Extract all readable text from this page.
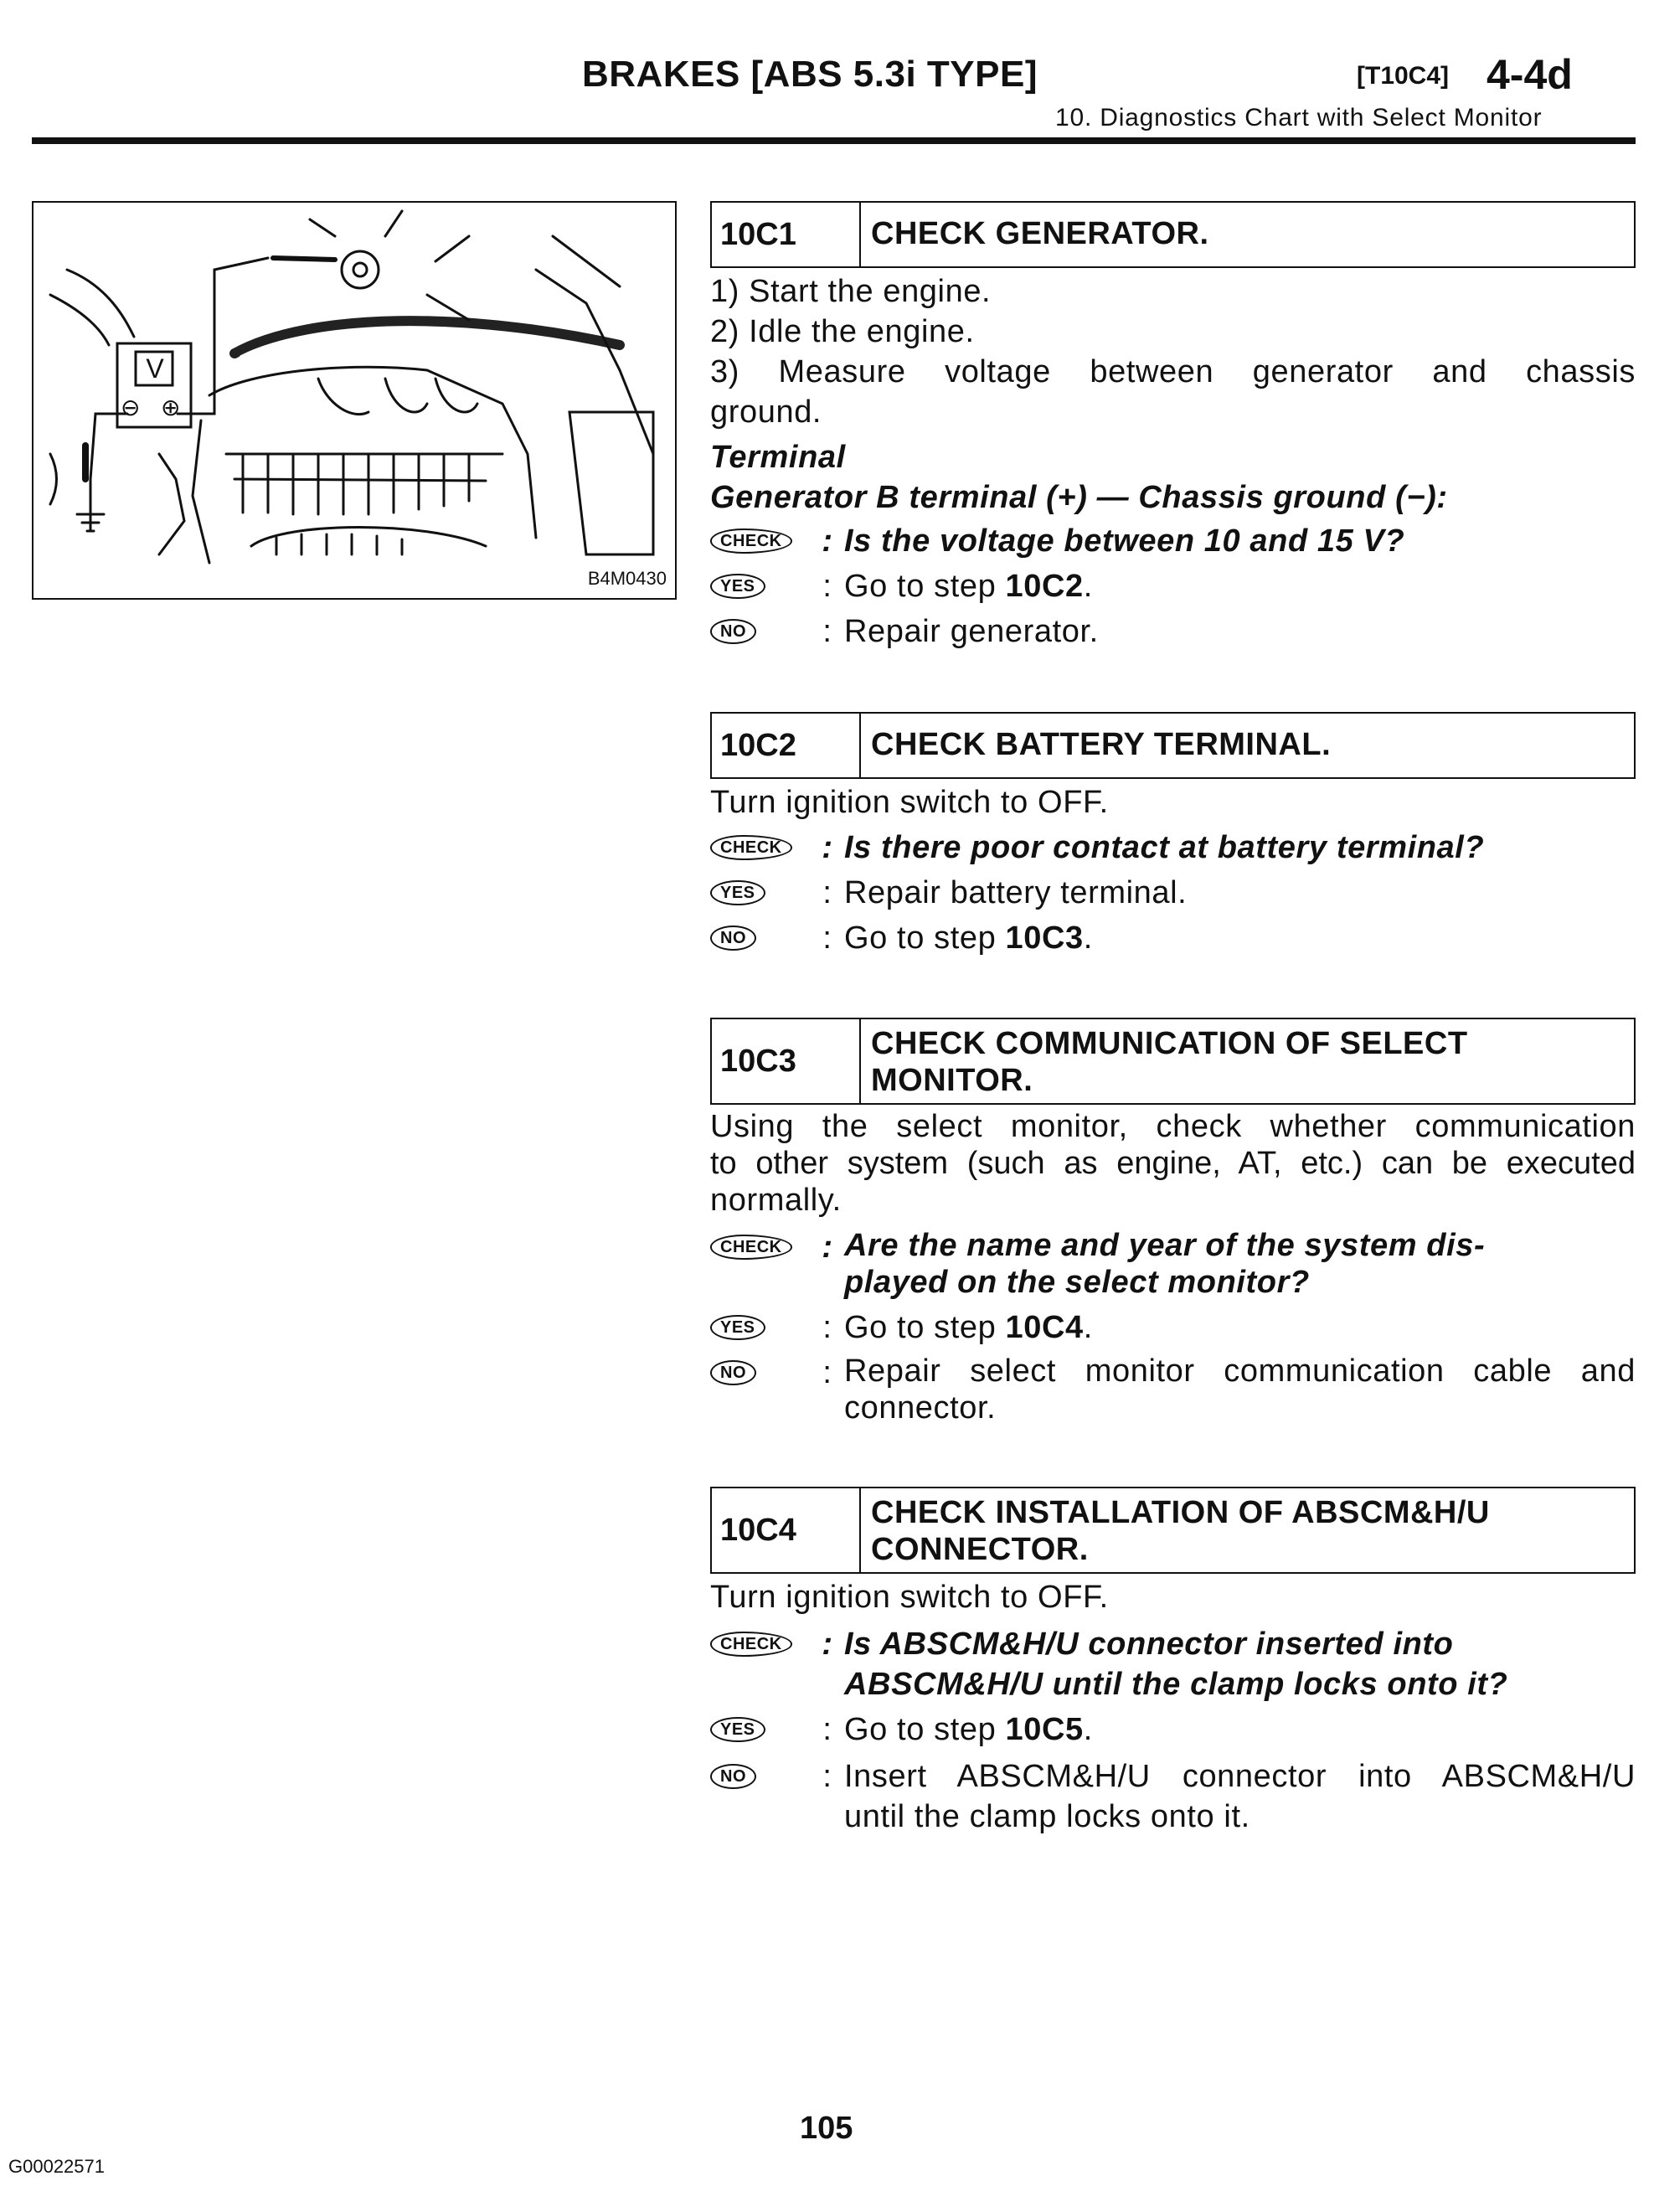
BRAKES [ABS 5.3i TYPE]	[T10C4] 4-4d
10. Diagnostics Chart with Select Monitor
V
⊖ ⊕
B4M0430
10C1	CHECK GENERATOR.
1) Start the engine.
2) Idle the engine.
3) Measure voltage between generator and chassis
ground.
Terminal
Generator B terminal (+) — Chassis ground (−):
CHECK	: Is the voltage between 10 and 15 V?
YES	: Go to step 10C2.
NO	: Repair generator.
10C2	CHECK BATTERY TERMINAL.
Turn ignition switch to OFF.
CHECK	: Is there poor contact at battery terminal?
YES	: Repair battery terminal.
NO	: Go to step 10C3.
10C3	CHECK COMMUNICATION OF SELECT
MONITOR.
Using the select monitor, check whether communication
to other system (such as engine, AT, etc.) can be executed
normally.
CHECK	: Are the name and year of the system dis-
played on the select monitor?
YES	: Go to step 10C4.
NO	: Repair select monitor communication cable and
connector.
10C4	CHECK INSTALLATION OF ABSCM&H/U
CONNECTOR.
Turn ignition switch to OFF.
CHECK	: Is ABSCM&H/U connector inserted into
ABSCM&H/U until the clamp locks onto it?
YES	: Go to step 10C5.
NO	: Insert ABSCM&H/U connector into ABSCM&H/U
until the clamp locks onto it.
105
G00022571
